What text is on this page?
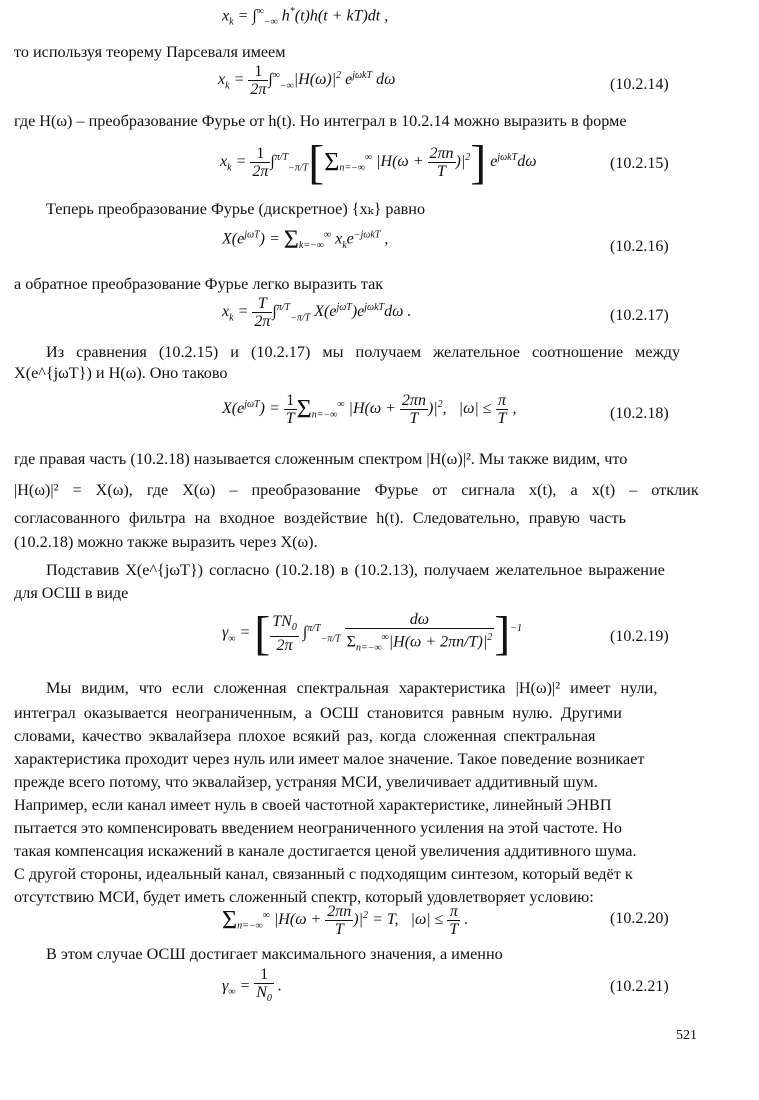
$x_k = \int^\infty_{-\infty}$ h*(t)h(t + kT)dt ,
то используя теорему Парсеваля имеем
$x_k = \frac{1}{2\pi} \int^\infty_{-\infty}|H(\omega)|^2$ $e^{j\omega kT}$ dω	(10.2.14)
где H(ω) – преобразование Фурье от h(t). Но интеграл в 10.2.14 можно выразить в форме
$x_k = \frac{1}{2\pi} \int^{\pi/T}_{-\pi/T}[\Sigma_{n=-\infty}^\infty$ $|H(\omega + \frac{2\pi n}{T} )|^2$] $e^{j\omega kT}d\omega$	(10.2.15)
Теперь преобразование Фурье (дискретное) {xₖ} равно
$X(e^{j\omega T}) = \Sigma_{k=-\infty}^\infty$ $x_ke^{-j\omega kT}$ ,	(10.2.16)
а обратное преобразование Фурье легко выразить так
$x_k = \frac{T}{2\pi} \int^{\pi/T}_{-\pi/T}$ $X(e^{j\omega T})e^{j\omega kT}d\omega$ .	(10.2.17)
Из сравнения (10.2.15) и (10.2.17) мы получаем желательное соотношение между
X(e^{jωT}) и H(ω). Оно таково
$X(e^{j\omega T}) = \frac{1}{T} \Sigma_{n=-\infty}^\infty$ $|H(\omega + \frac{2\pi n}{T} )|^2$,   $|\omega| \le \frac{\pi}{T}$ ,	(10.2.18)
где правая часть (10.2.18) называется сложенным спектром |H(ω)|². Мы также видим, что
|H(ω)|² = X(ω), где X(ω) – преобразование Фурье от сигнала x(t), а x(t) – отклик
согласованного фильтра на входное воздействие h(t). Следовательно, правую часть
(10.2.18) можно также выразить через X(ω).
Подставив X(e^{jωT}) согласно (10.2.18) в (10.2.13), получаем желательное выражение
для ОСШ в виде
$\gamma_\infty$ = [ $\frac{TN_0}{2\pi} \int^{\pi/T}_{-\pi/T} \frac{d\omega}{\Sigma_{n=-\infty}^\infty|H(\omega + 2\pi n/T)|^2} ]^{-1}$	(10.2.19)
Мы видим, что если сложенная спектральная характеристика |H(ω)|² имеет нули,
интеграл оказывается неограниченным, а ОСШ становится равным нулю. Другими
словами, качество эквалайзера плохое всякий раз, когда сложенная спектральная
характеристика проходит через нуль или имеет малое значение. Такое поведение возникает
прежде всего потому, что эквалайзер, устраняя МСИ, увеличивает аддитивный шум.
Например, если канал имеет нуль в своей частотной характеристике, линейный ЭНВП
пытается это компенсировать введением неограниченного усиления на этой частоте. Но
такая компенсация искажений в канале достигается ценой увеличения аддитивного шума.
С другой стороны, идеальный канал, связанный с подходящим синтезом, который ведёт к
отсутствию МСИ, будет иметь сложенный спектр, который удовлетворяет условию:
$\Sigma_{n=-\infty}^\infty$ $|H(\omega + \frac{2\pi n}{T} )|^2 = T$,   $|\omega| \le \frac{\pi}{T}$ .	(10.2.20)
В этом случае ОСШ достигает максимального значения, а именно
$\gamma_\infty = \frac{1}{N_0}$ .	(10.2.21)
521
